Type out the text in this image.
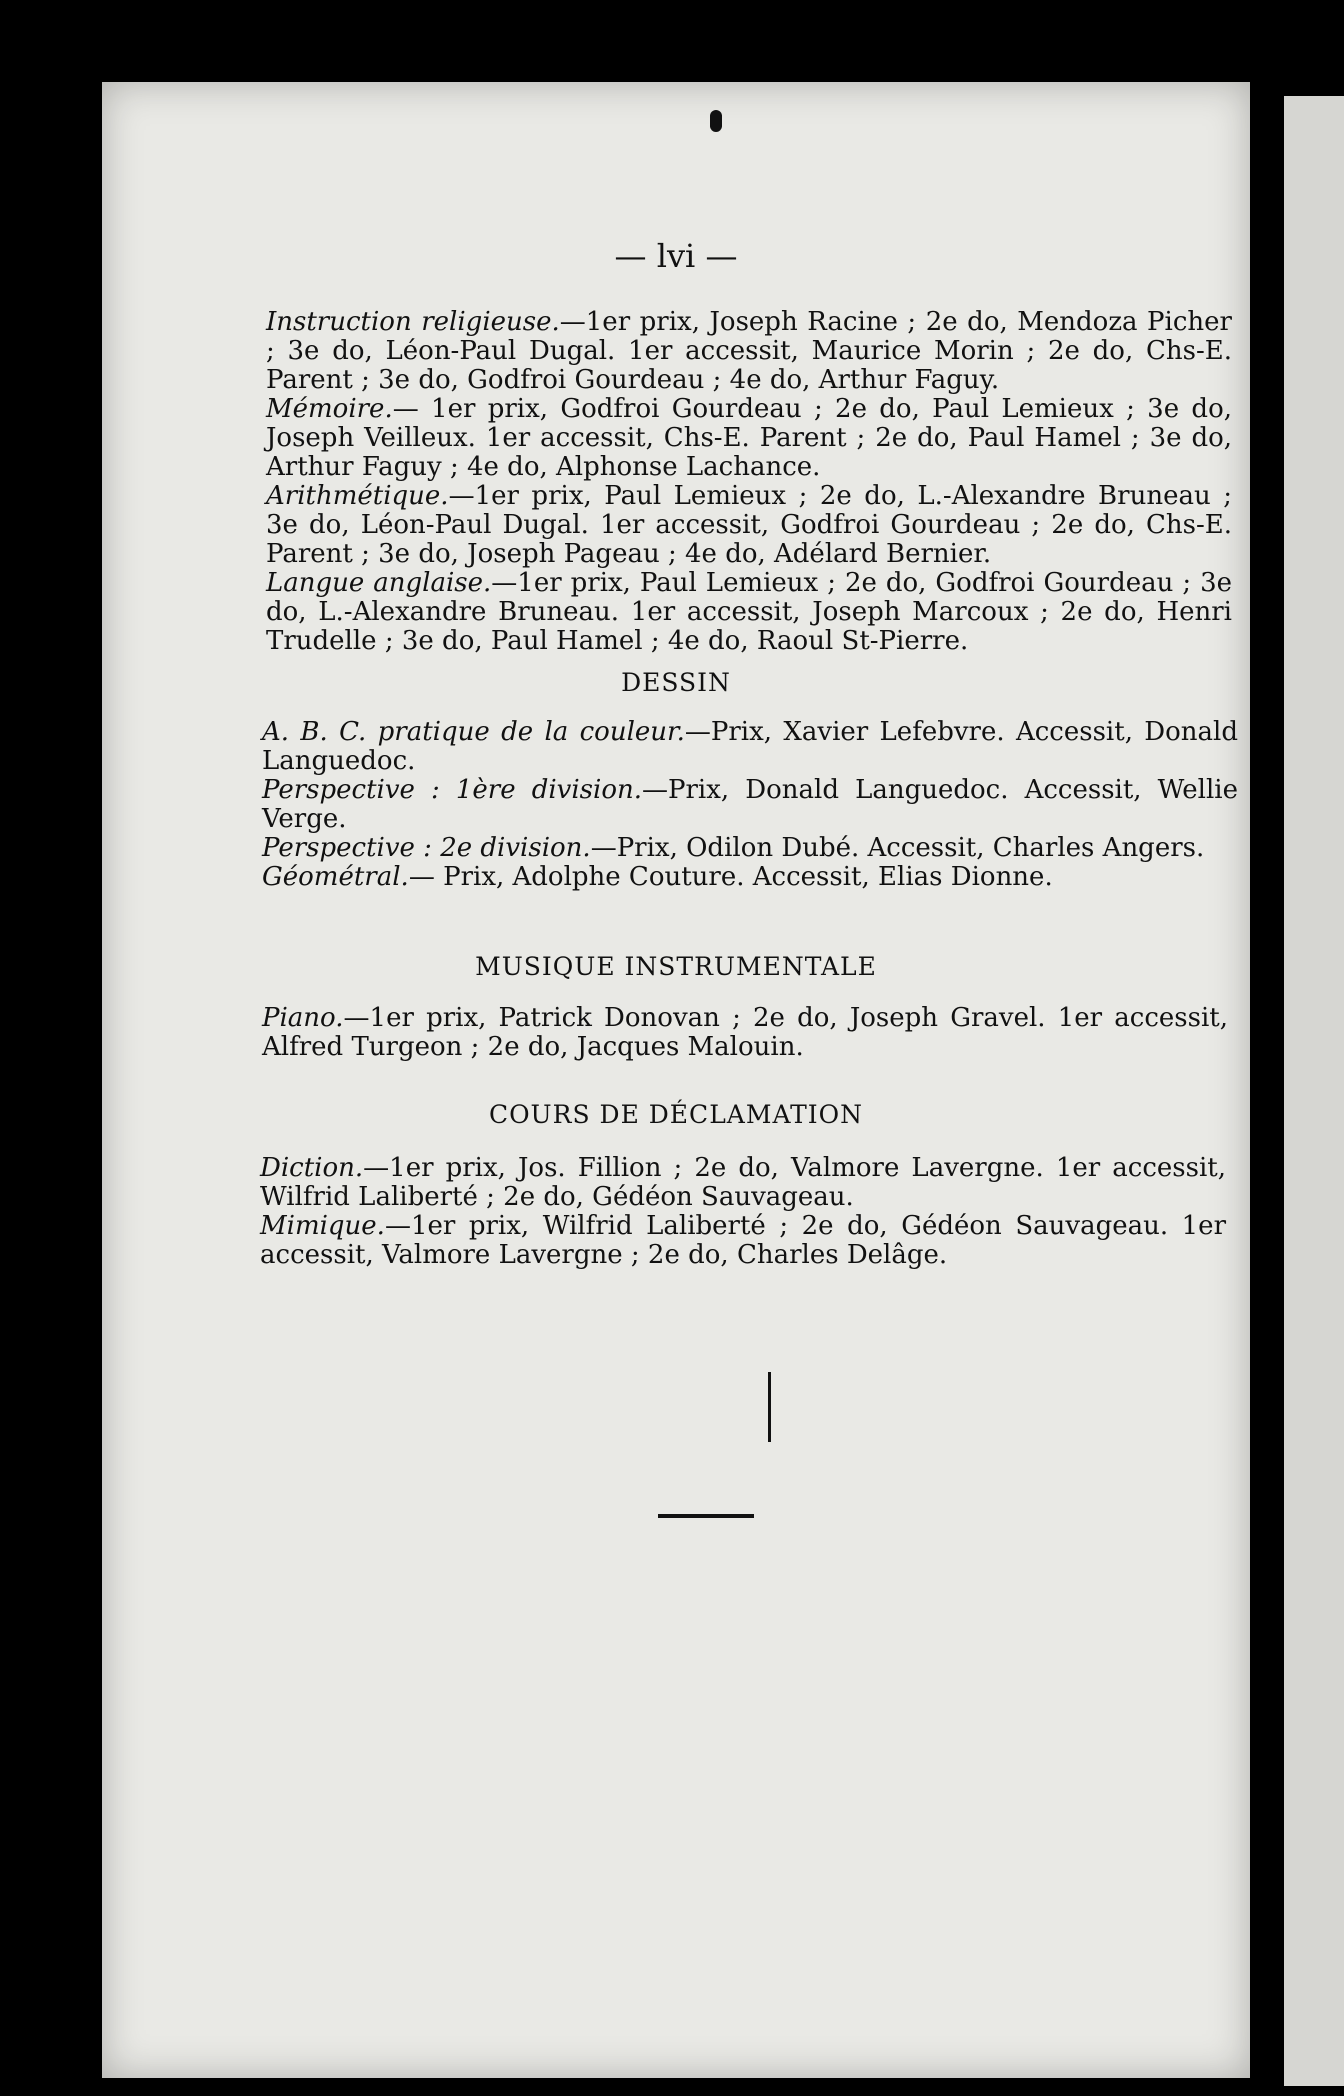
— lvi —

Instruction religieuse.—1er prix, Joseph Racine ; 2e do, Mendoza Picher ; 3e do, Léon-Paul Dugal. 1er accessit, Maurice Morin ; 2e do, Chs-E. Parent ; 3e do, Godfroi Gourdeau ; 4e do, Arthur Faguy.

Mémoire.— 1er prix, Godfroi Gourdeau ; 2e do, Paul Lemieux ; 3e do, Joseph Veilleux. 1er accessit, Chs-E. Parent ; 2e do, Paul Hamel ; 3e do, Arthur Faguy ; 4e do, Alphonse Lachance.

Arithmétique.—1er prix, Paul Lemieux ; 2e do, L.-Alexandre Bruneau ; 3e do, Léon-Paul Dugal. 1er accessit, Godfroi Gourdeau ; 2e do, Chs-E. Parent ; 3e do, Joseph Pageau ; 4e do, Adélard Bernier.

Langue anglaise.—1er prix, Paul Lemieux ; 2e do, Godfroi Gourdeau ; 3e do, L.-Alexandre Bruneau. 1er accessit, Joseph Marcoux ; 2e do, Henri Trudelle ; 3e do, Paul Hamel ; 4e do, Raoul St-Pierre.

DESSIN

A. B. C. pratique de la couleur.—Prix, Xavier Lefebvre. Accessit, Donald Languedoc.

Perspective : 1ère division.—Prix, Donald Languedoc. Accessit, Wellie Verge.

Perspective : 2e division.—Prix, Odilon Dubé. Accessit, Charles Angers.

Géométral.— Prix, Adolphe Couture. Accessit, Elias Dionne.

MUSIQUE INSTRUMENTALE

Piano.—1er prix, Patrick Donovan ; 2e do, Joseph Gravel. 1er accessit, Alfred Turgeon ; 2e do, Jacques Malouin.

COURS DE DÉCLAMATION

Diction.—1er prix, Jos. Fillion ; 2e do, Valmore Lavergne. 1er accessit, Wilfrid Laliberté ; 2e do, Gédéon Sauvageau.

Mimique.—1er prix, Wilfrid Laliberté ; 2e do, Gédéon Sauvageau. 1er accessit, Valmore Lavergne ; 2e do, Charles Delâge.
